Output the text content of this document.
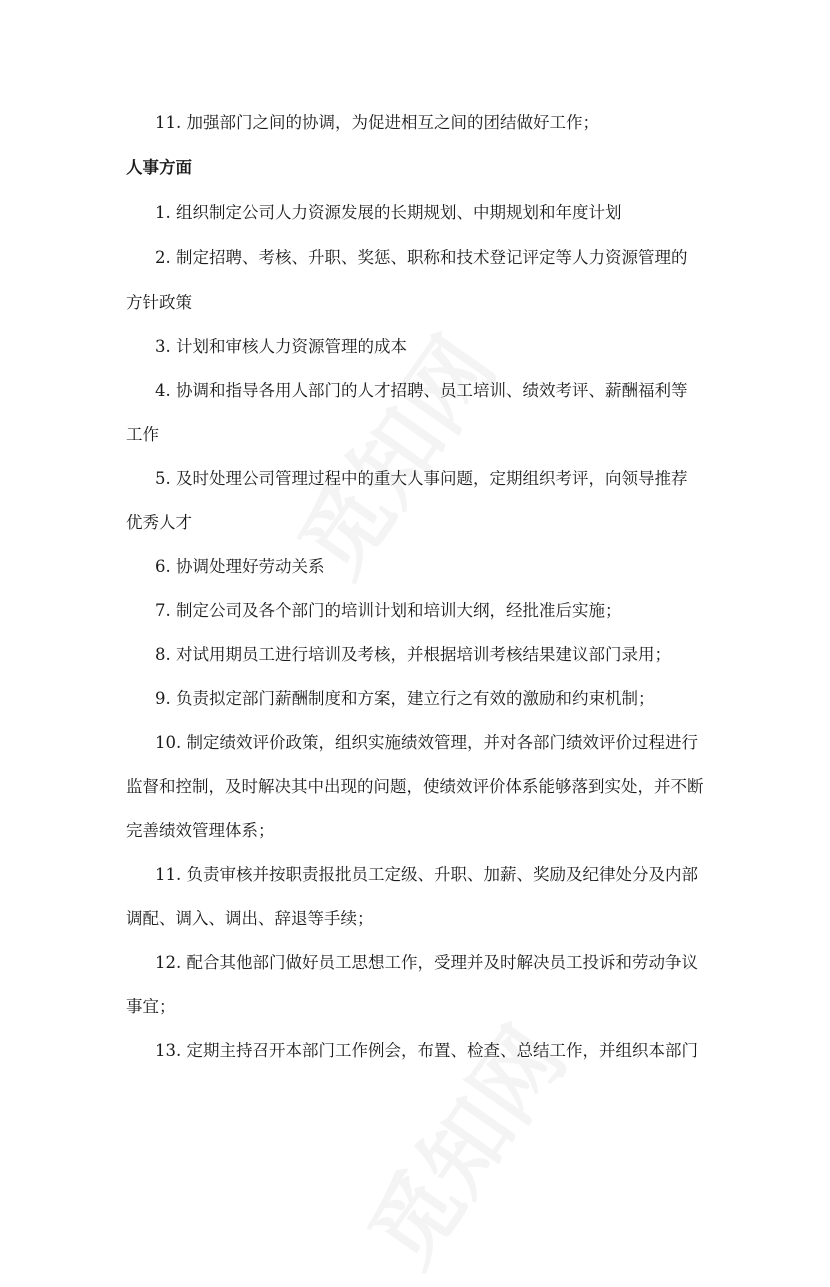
11. 加强部门之间的协调，为促进相互之间的团结做好工作；
人事方面
1. 组织制定公司人力资源发展的长期规划、中期规划和年度计划
2. 制定招聘、考核、升职、奖惩、职称和技术登记评定等人力资源管理的
方针政策
3. 计划和审核人力资源管理的成本
4. 协调和指导各用人部门的人才招聘、员工培训、绩效考评、薪酬福利等
工作
5. 及时处理公司管理过程中的重大人事问题，定期组织考评，向领导推荐
优秀人才
6. 协调处理好劳动关系
7. 制定公司及各个部门的培训计划和培训大纲，经批准后实施；
8. 对试用期员工进行培训及考核，并根据培训考核结果建议部门录用；
9. 负责拟定部门薪酬制度和方案，建立行之有效的激励和约束机制；
10. 制定绩效评价政策，组织实施绩效管理，并对各部门绩效评价过程进行
监督和控制，及时解决其中出现的问题，使绩效评价体系能够落到实处，并不断
完善绩效管理体系；
11. 负责审核并按职责报批员工定级、升职、加薪、奖励及纪律处分及内部
调配、调入、调出、辞退等手续；
12. 配合其他部门做好员工思想工作，受理并及时解决员工投诉和劳动争议
事宜；
13. 定期主持召开本部门工作例会，布置、检查、总结工作，并组织本部门
